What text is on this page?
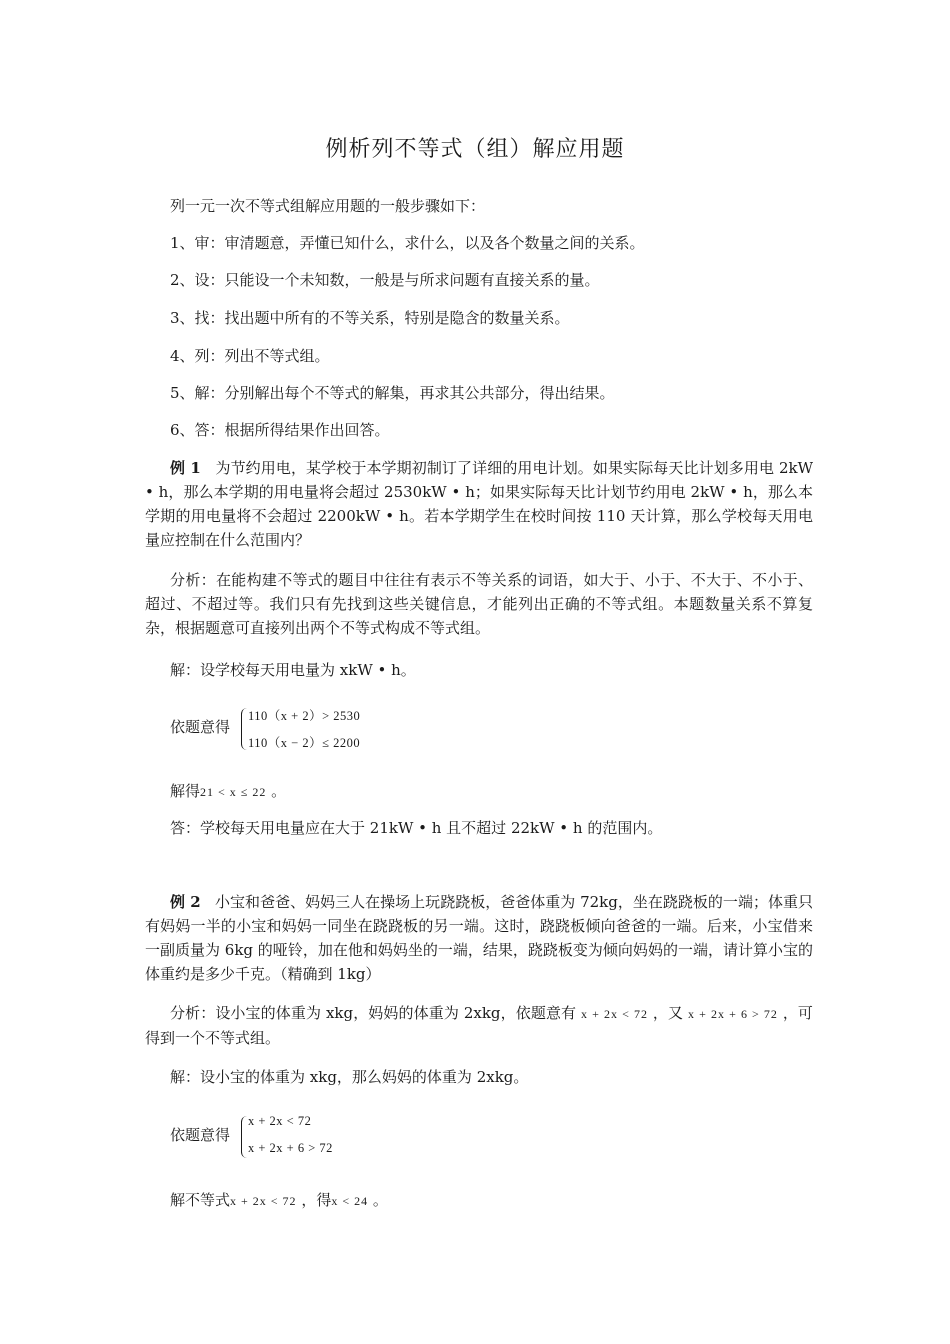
例析列不等式（组）解应用题
列一元一次不等式组解应用题的一般步骤如下：
1、审：审清题意，弄懂已知什么，求什么，以及各个数量之间的关系。
2、设：只能设一个未知数，一般是与所求问题有直接关系的量。
3、找：找出题中所有的不等关系，特别是隐含的数量关系。
4、列：列出不等式组。
5、解：分别解出每个不等式的解集，再求其公共部分，得出结果。
6、答：根据所得结果作出回答。
例 1 为节约用电，某学校于本学期初制订了详细的用电计划。如果实际每天比计划多用电 2kW • h，那么本学期的用电量将会超过 2530kW • h；如果实际每天比计划节约用电 2kW • h，那么本学期的用电量将不会超过 2200kW • h。若本学期学生在校时间按 110 天计算，那么学校每天用电量应控制在什么范围内？
分析：在能构建不等式的题目中往往有表示不等关系的词语，如大于、小于、不大于、不小于、超过、不超过等。我们只有先找到这些关键信息，才能列出正确的不等式组。本题数量关系不算复杂，根据题意可直接列出两个不等式构成不等式组。
解：设学校每天用电量为 xkW • h。
依题意得
110（x + 2）> 2530
110（x − 2）≤ 2200
解得21 < x ≤ 22 。
答：学校每天用电量应在大于 21kW • h 且不超过 22kW • h 的范围内。
例 2 小宝和爸爸、妈妈三人在操场上玩跷跷板，爸爸体重为 72kg，坐在跷跷板的一端；体重只有妈妈一半的小宝和妈妈一同坐在跷跷板的另一端。这时，跷跷板倾向爸爸的一端。后来，小宝借来一副质量为 6kg 的哑铃，加在他和妈妈坐的一端，结果，跷跷板变为倾向妈妈的一端，请计算小宝的体重约是多少千克。（精确到 1kg）
分析：设小宝的体重为 xkg，妈妈的体重为 2xkg，依题意有 x + 2x < 72 ，又 x + 2x + 6 > 72 ，可得到一个不等式组。
解：设小宝的体重为 xkg，那么妈妈的体重为 2xkg。
依题意得
x + 2x < 72
x + 2x + 6 > 72
解不等式x + 2x < 72 ，得x < 24 。
